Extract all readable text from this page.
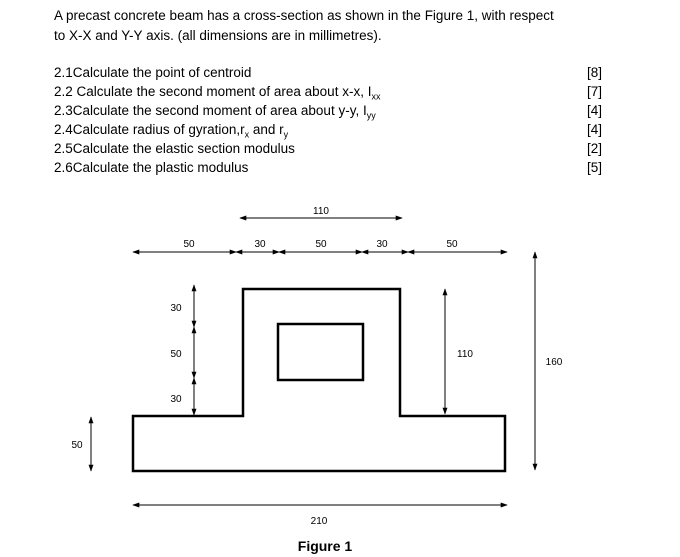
A precast concrete beam has a cross-section as shown in the Figure 1, with respect
to X-X and Y-Y axis. (all dimensions are in millimetres).
2.1Calculate the point of centroid	[8]
2.2 Calculate the second moment of area about x-x, $I_{xx}$	[7]
2.3Calculate the second moment of area about y-y, $I_{yy}$	[4]
2.4Calculate radius of $gyration,r_x$ and $r_y$	[4]
2.5Calculate the elastic section modulus	[2]
2.6Calculate the plastic modulus	[5]
110
50	30	50	30	50
30
50
30
50
110
160
210
Figure 1
